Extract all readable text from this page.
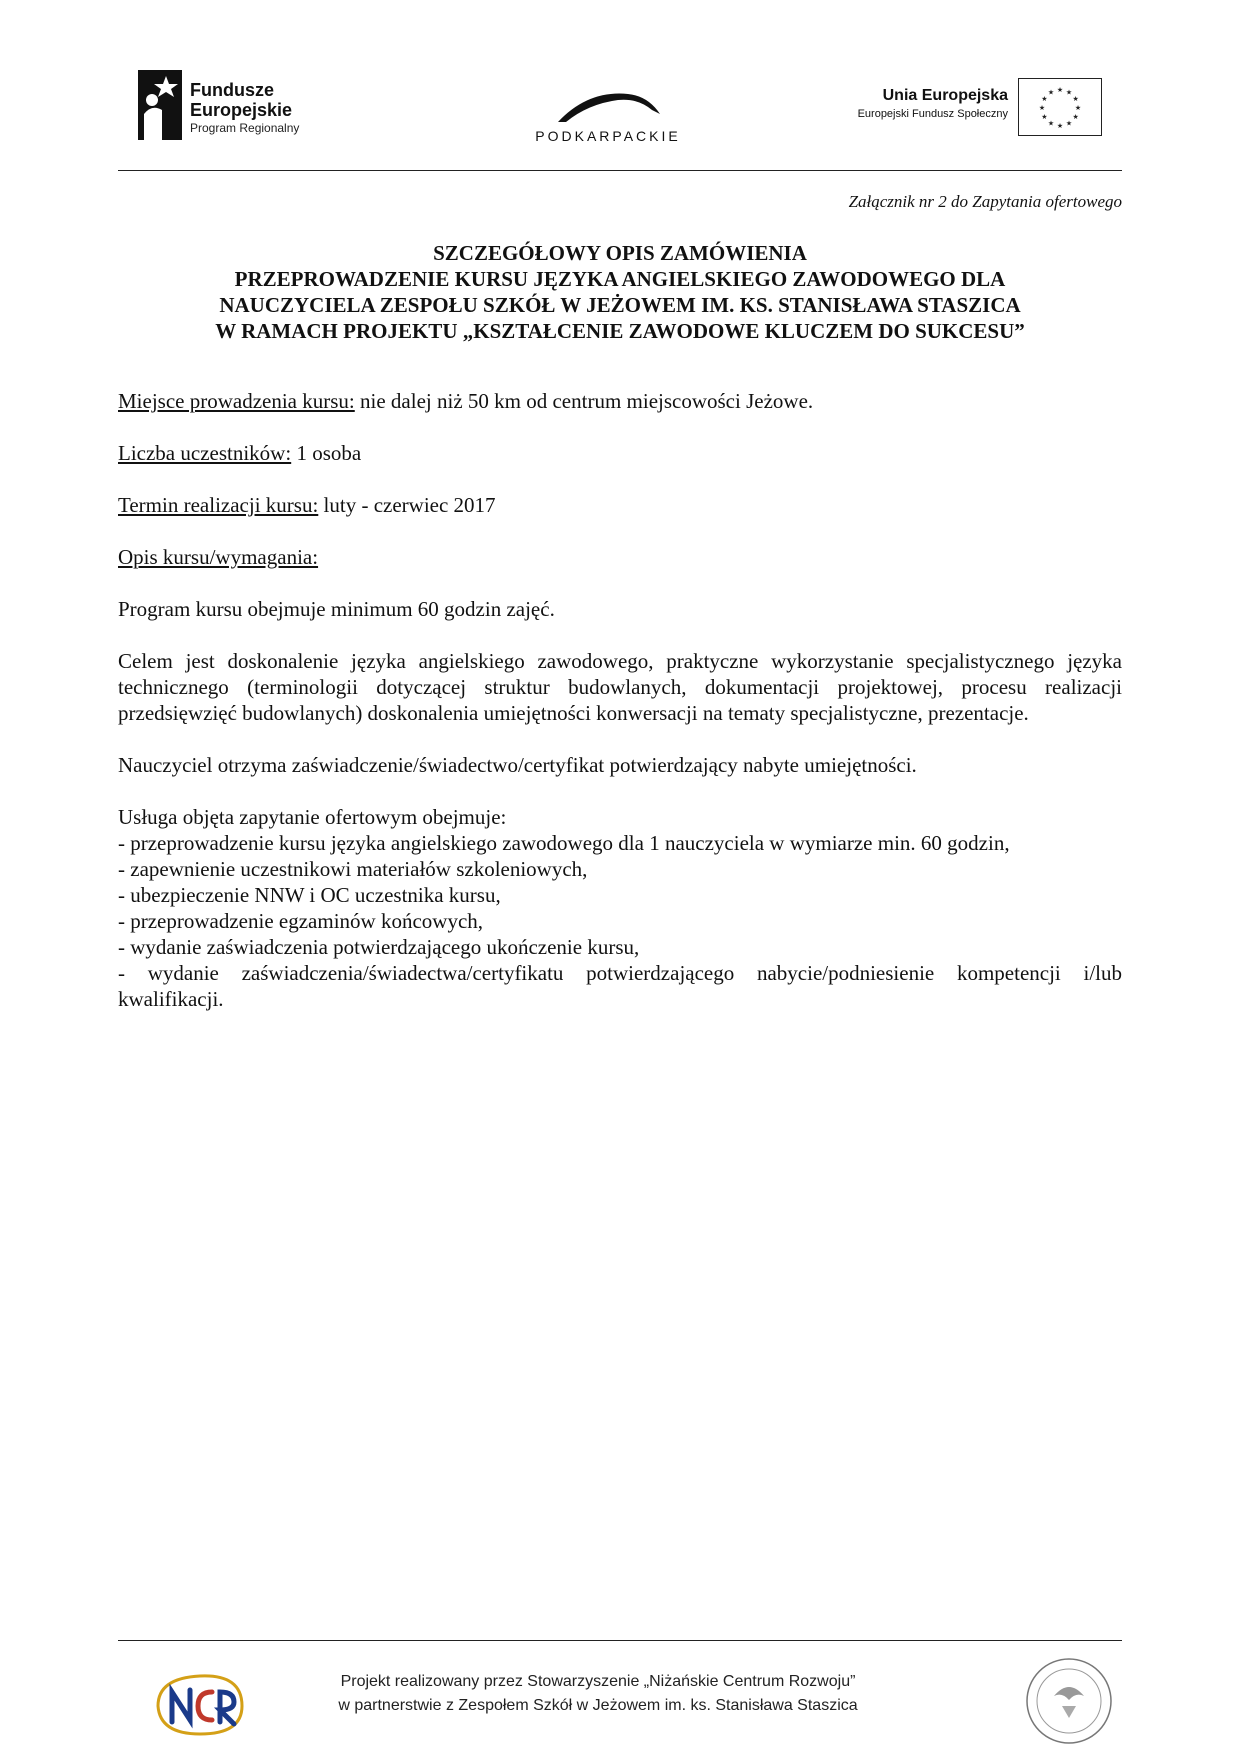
Fundusze
Europejskie
Program Regionalny	PODKARPACKIE
Unia Europejska
Europejski Fundusz Społeczny	★
★
★
★
★
★
★
★
★ ★ ★
★
Załącznik nr 2 do Zapytania ofertowego
SZCZEGÓŁOWY OPIS ZAMÓWIENIA
PRZEPROWADZENIE KURSU JĘZYKA ANGIELSKIEGO ZAWODOWEGO DLA
NAUCZYCIELA ZESPOŁU SZKÓŁ W JEŻOWEM IM. KS. STANISŁAWA STASZICA
W RAMACH PROJEKTU „KSZTAŁCENIE ZAWODOWE KLUCZEM DO SUKCESU”

Miejsce prowadzenia kursu: nie dalej niż 50 km od centrum miejscowości Jeżowe.

Liczba uczestników: 1 osoba

Termin realizacji kursu: luty - czerwiec 2017

Opis kursu/wymagania:

Program kursu obejmuje minimum 60 godzin zajęć.

Celem jest doskonalenie języka angielskiego zawodowego, praktyczne wykorzystanie specjalistycznego języka technicznego (terminologii dotyczącej struktur budowlanych, dokumentacji projektowej, procesu realizacji przedsięwzięć budowlanych) doskonalenia umiejętności konwersacji na tematy specjalistyczne, prezentacje.

Nauczyciel otrzyma zaświadczenie/świadectwo/certyfikat potwierdzający nabyte umiejętności.

Usługa objęta zapytanie ofertowym obejmuje:

- przeprowadzenie kursu języka angielskiego zawodowego dla 1 nauczyciela w wymiarze min. 60 godzin,

- zapewnienie uczestnikowi materiałów szkoleniowych,

- ubezpieczenie NNW i OC uczestnika kursu,

- przeprowadzenie egzaminów końcowych,

- wydanie zaświadczenia potwierdzającego ukończenie kursu,

- wydanie zaświadczenia/świadectwa/certyfikatu potwierdzającego nabycie/podniesienie kompetencji i/lub kwalifikacji.

Projekt realizowany przez Stowarzyszenie „Niżańskie Centrum Rozwoju”
w partnerstwie z Zespołem Szkół w Jeżowem im. ks. Stanisława Staszica
